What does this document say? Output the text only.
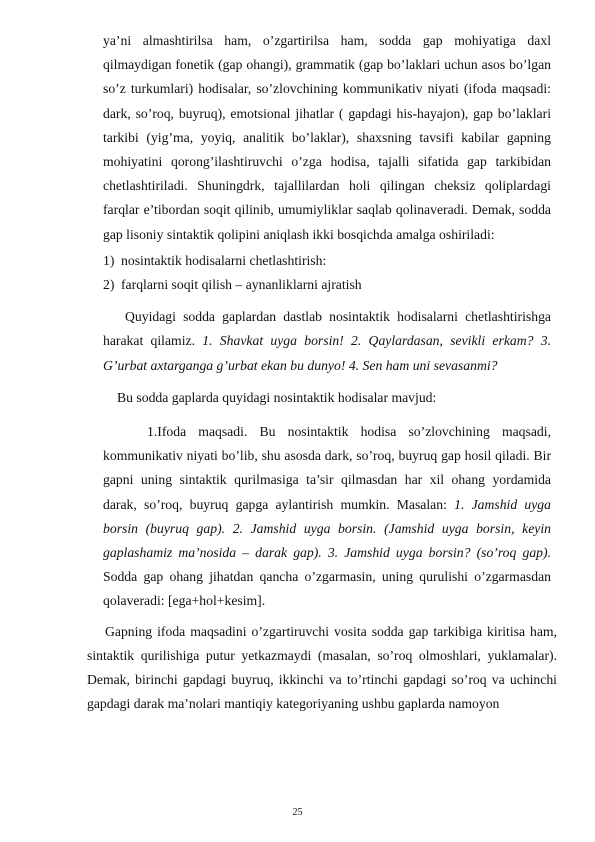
ya’ni almashtirilsa ham, o’zgartirilsa ham, sodda gap mohiyatiga daxl qilmaydigan fonetik (gap ohangi), grammatik (gap bo’laklari uchun asos bo’lgan so’z turkumlari) hodisalar, so’zlovchining kommunikativ niyati (ifoda maqsadi: dark, so’roq, buyruq), emotsional jihatlar ( gapdagi his-hayajon), gap bo’laklari tarkibi (yig’ma, yoyiq, analitik bo’laklar), shaxsning tavsifi kabilar gapning mohiyatini qorong’ilashtiruvchi o’zga hodisa, tajalli sifatida gap tarkibidan chetlashtiriladi. Shuningdrk, tajallilardan holi qilingan cheksiz qoliplardagi farqlar e’tibordan soqit qilinib, umumiyliklar saqlab qolinaveradi. Demak, sodda gap lisoniy sintaktik qolipini aniqlash ikki bosqichda amalga oshiriladi:

1) nosintaktik hodisalarni chetlashtirish:
2) farqlarni soqit qilish – aynanliklarni ajratish

Quyidagi sodda gaplardan dastlab nosintaktik hodisalarni chetlashtirishga harakat qilamiz. 1. Shavkat uyga borsin! 2. Qaylardasan, sevikli erkam? 3. G’urbat axtarganga g’urbat ekan bu dunyo! 4. Sen ham uni sevasanmi?

Bu sodda gaplarda quyidagi nosintaktik hodisalar mavjud:

1.Ifoda maqsadi. Bu nosintaktik hodisa so’zlovchining maqsadi, kommunikativ niyati bo’lib, shu asosda dark, so’roq, buyruq gap hosil qiladi. Bir gapni uning sintaktik qurilmasiga ta’sir qilmasdan har xil ohang yordamida darak, so’roq, buyruq gapga aylantirish mumkin. Masalan: 1. Jamshid uyga borsin (buyruq gap). 2. Jamshid uyga borsin. (Jamshid uyga borsin, keyin gaplashamiz ma’nosida – darak gap). 3. Jamshid uyga borsin? (so’roq gap). Sodda gap ohang jihatdan qancha o’zgarmasin, uning qurulishi o’zgarmasdan qolaveradi: [ega+hol+kesim].

Gapning ifoda maqsadini o’zgartiruvchi vosita sodda gap tarkibiga kiritisa ham, sintaktik qurilishiga putur yetkazmaydi (masalan, so’roq olmoshlari, yuklamalar). Demak, birinchi gapdagi buyruq, ikkinchi va to’rtinchi gapdagi so’roq va uchinchi gapdagi darak ma’nolari mantiqiy kategoriyaning ushbu gaplarda namoyon

25
